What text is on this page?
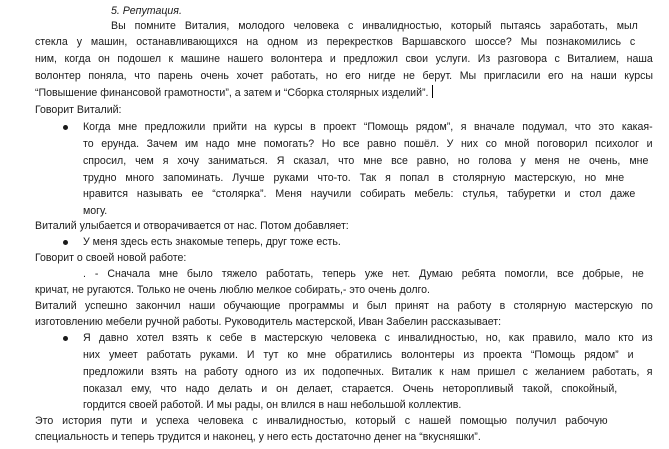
5. Репутация.
Вы помните Виталия, молодого человека с инвалидностью, который пытаясь заработать, мыл
стекла у машин, останавливающихся на одном из перекрестков Варшавского шоссе? Мы познакомились с
ним, когда он подошел к машине нашего волонтера и предложил свои услуги. Из разговора с Виталием, наша
волонтер поняла, что парень очень хочет работать, но его нигде не берут. Мы пригласили его на наши курсы
“Повышение финансовой грамотности”, а затем и “Сборка столярных изделий”.
Говорит Виталий:
Когда мне предложили прийти на курсы в проект “Помощь рядом”, я вначале подумал, что это какая-
то ерунда. Зачем им надо мне помогать? Но все равно пошёл. У них со мной поговорил психолог и
спросил, чем я хочу заниматься. Я сказал, что мне все равно, но голова у меня не очень, мне
трудно много запоминать. Лучше руками что-то. Так я попал в столярную мастерскую, но мне
нравится называть ее “столярка”. Меня научили собирать мебель: стулья, табуретки и стол даже
могу.
Виталий улыбается и отворачивается от нас. Потом добавляет:
У меня здесь есть знакомые теперь, друг тоже есть.
Говорит о своей новой работе:
. - Сначала мне было тяжело работать, теперь уже нет. Думаю ребята помогли, все добрые, не
кричат, не ругаются. Только не очень люблю мелкое собирать,- это очень долго.
Виталий успешно закончил наши обучающие программы и был принят на работу в столярную мастерскую по
изготовлению мебели ручной работы. Руководитель мастерской, Иван Забелин рассказывает:
Я давно хотел взять к себе в мастерскую человека с инвалидностью, но, как правило, мало кто из
них умеет работать руками. И тут ко мне обратились волонтеры из проекта “Помощь рядом” и
предложили взять на работу одного из их подопечных. Виталик к нам пришел с желанием работать, я
показал ему, что надо делать и он делает, старается. Очень неторопливый такой, спокойный,
гордится своей работой. И мы рады, он влился в наш небольшой коллектив.
Это история пути и успеха человека с инвалидностью, который с нашей помощью получил рабочую
специальность и теперь трудится и наконец, у него есть достаточно денег на “вкусняшки”.
